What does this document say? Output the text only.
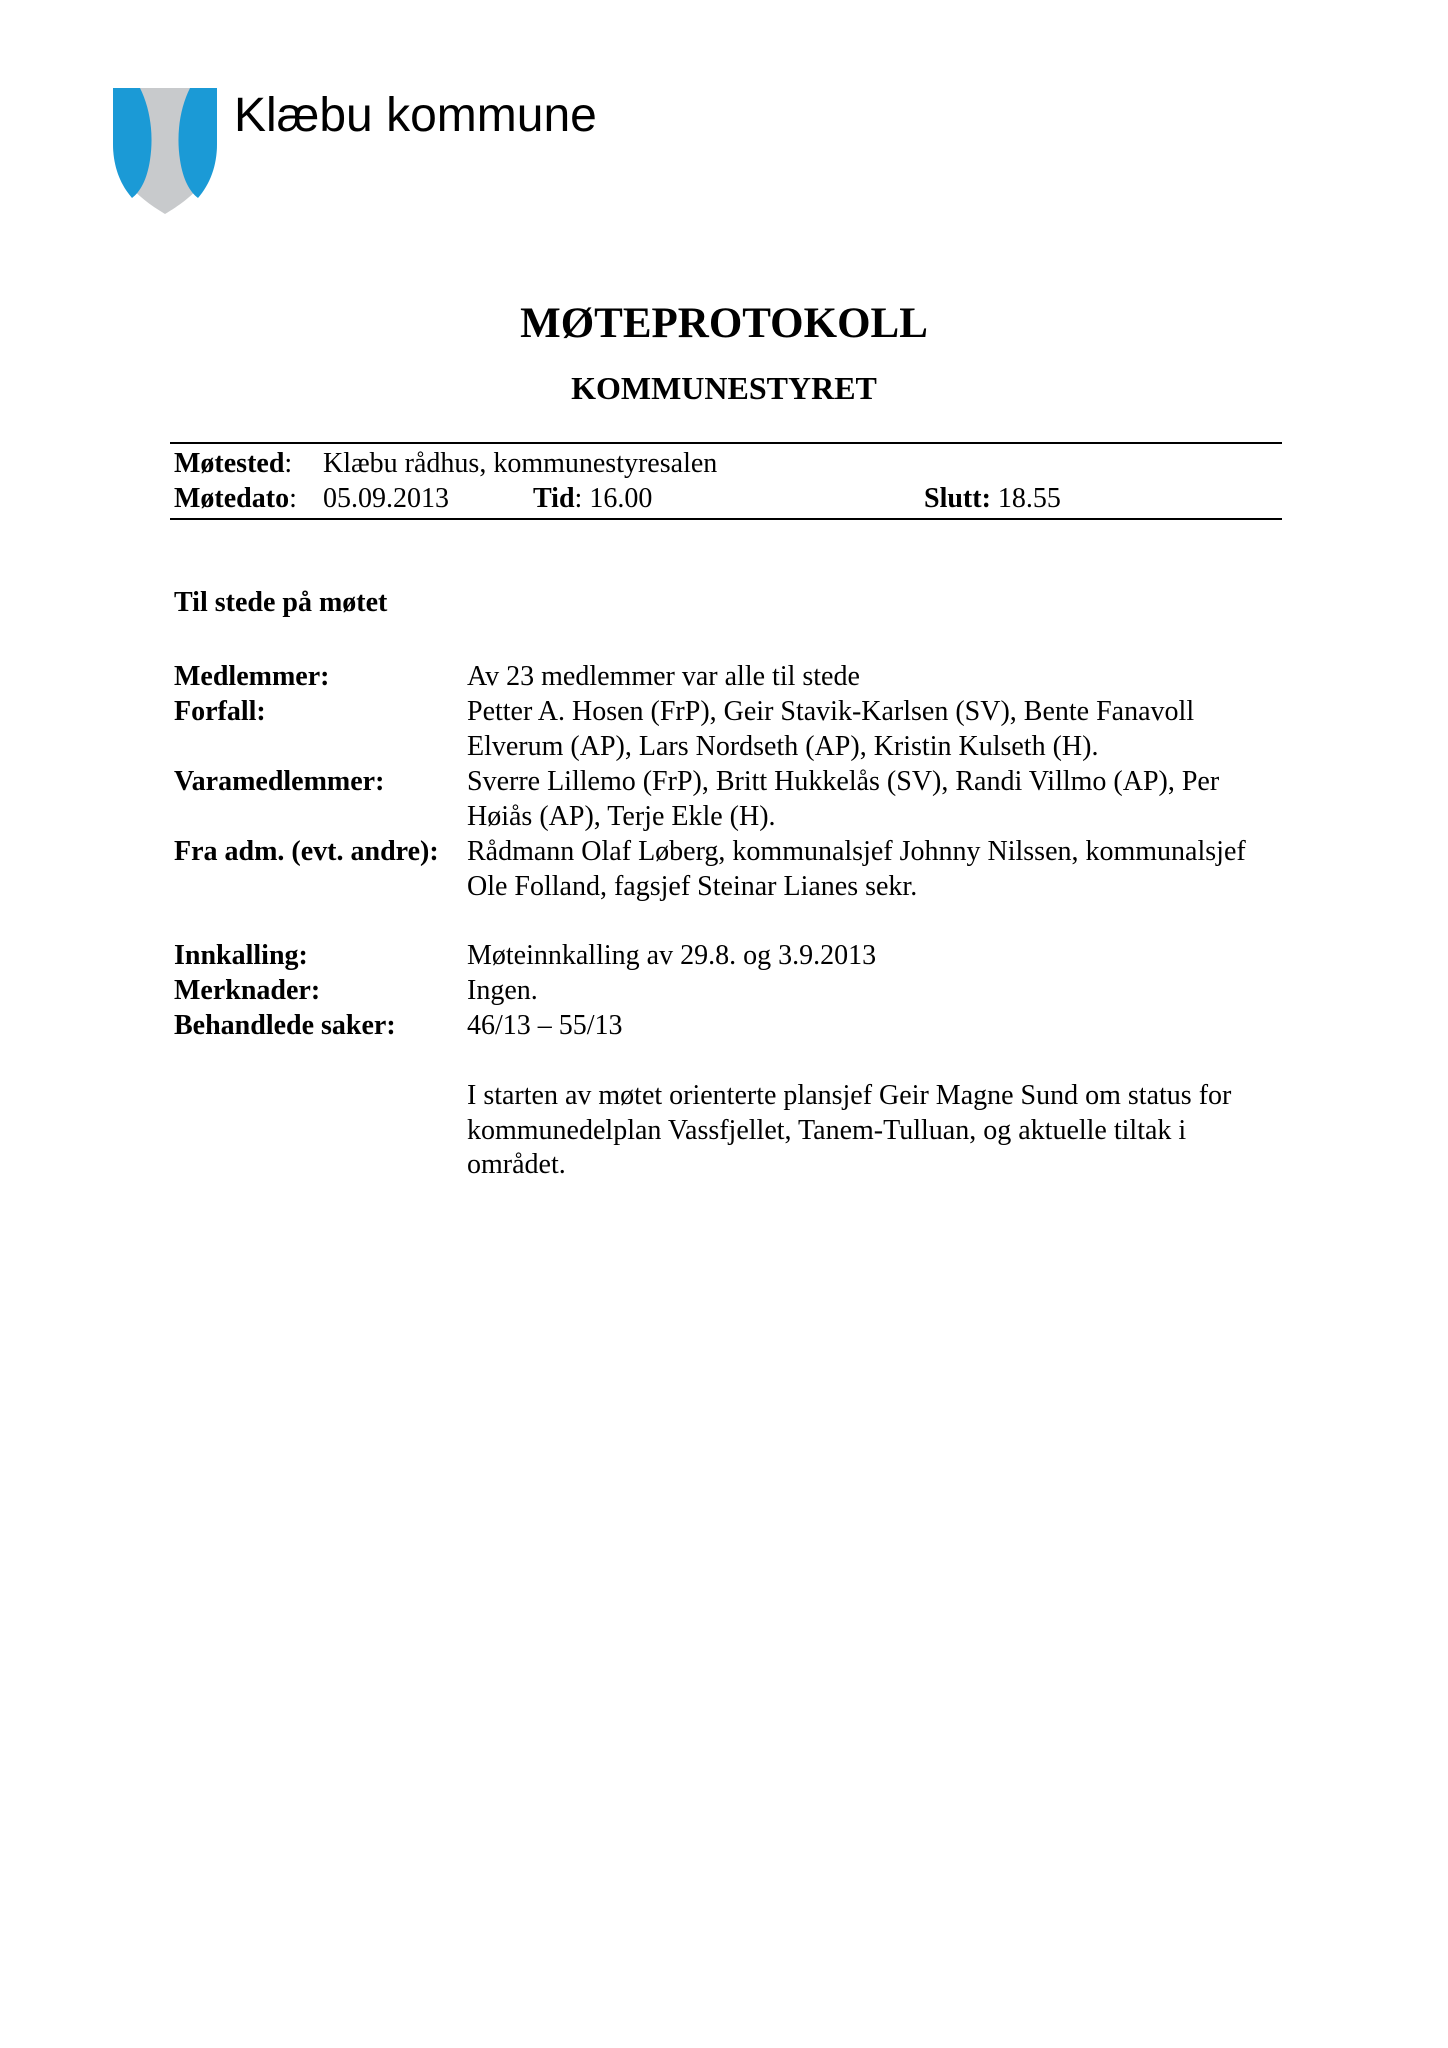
Klæbu kommune
MØTEPROTOKOLL
KOMMUNESTYRET
Møtested: Klæbu rådhus, kommunestyresalen
Møtedato: 05.09.2013	Tid: 16.00	Slutt: 18.55
Til stede på møtet
Medlemmer:	Av 23 medlemmer var alle til stede
Forfall:	Petter A. Hosen (FrP), Geir Stavik-Karlsen (SV), Bente Fanavoll Elverum (AP), Lars Nordseth (AP), Kristin Kulseth (H).
Varamedlemmer:	Sverre Lillemo (FrP), Britt Hukkelås (SV), Randi Villmo (AP), Per Høiås (AP), Terje Ekle (H).
Fra adm. (evt. andre): Rådmann Olaf Løberg, kommunalsjef Johnny Nilssen, kommunalsjef Ole Folland, fagsjef Steinar Lianes sekr.
Innkalling:	Møteinnkalling av 29.8. og 3.9.2013
Merknader:	Ingen.
Behandlede saker:	46/13 – 55/13
I starten av møtet orienterte plansjef Geir Magne Sund om status for kommunedelplan Vassfjellet, Tanem-Tulluan, og aktuelle tiltak i området.
